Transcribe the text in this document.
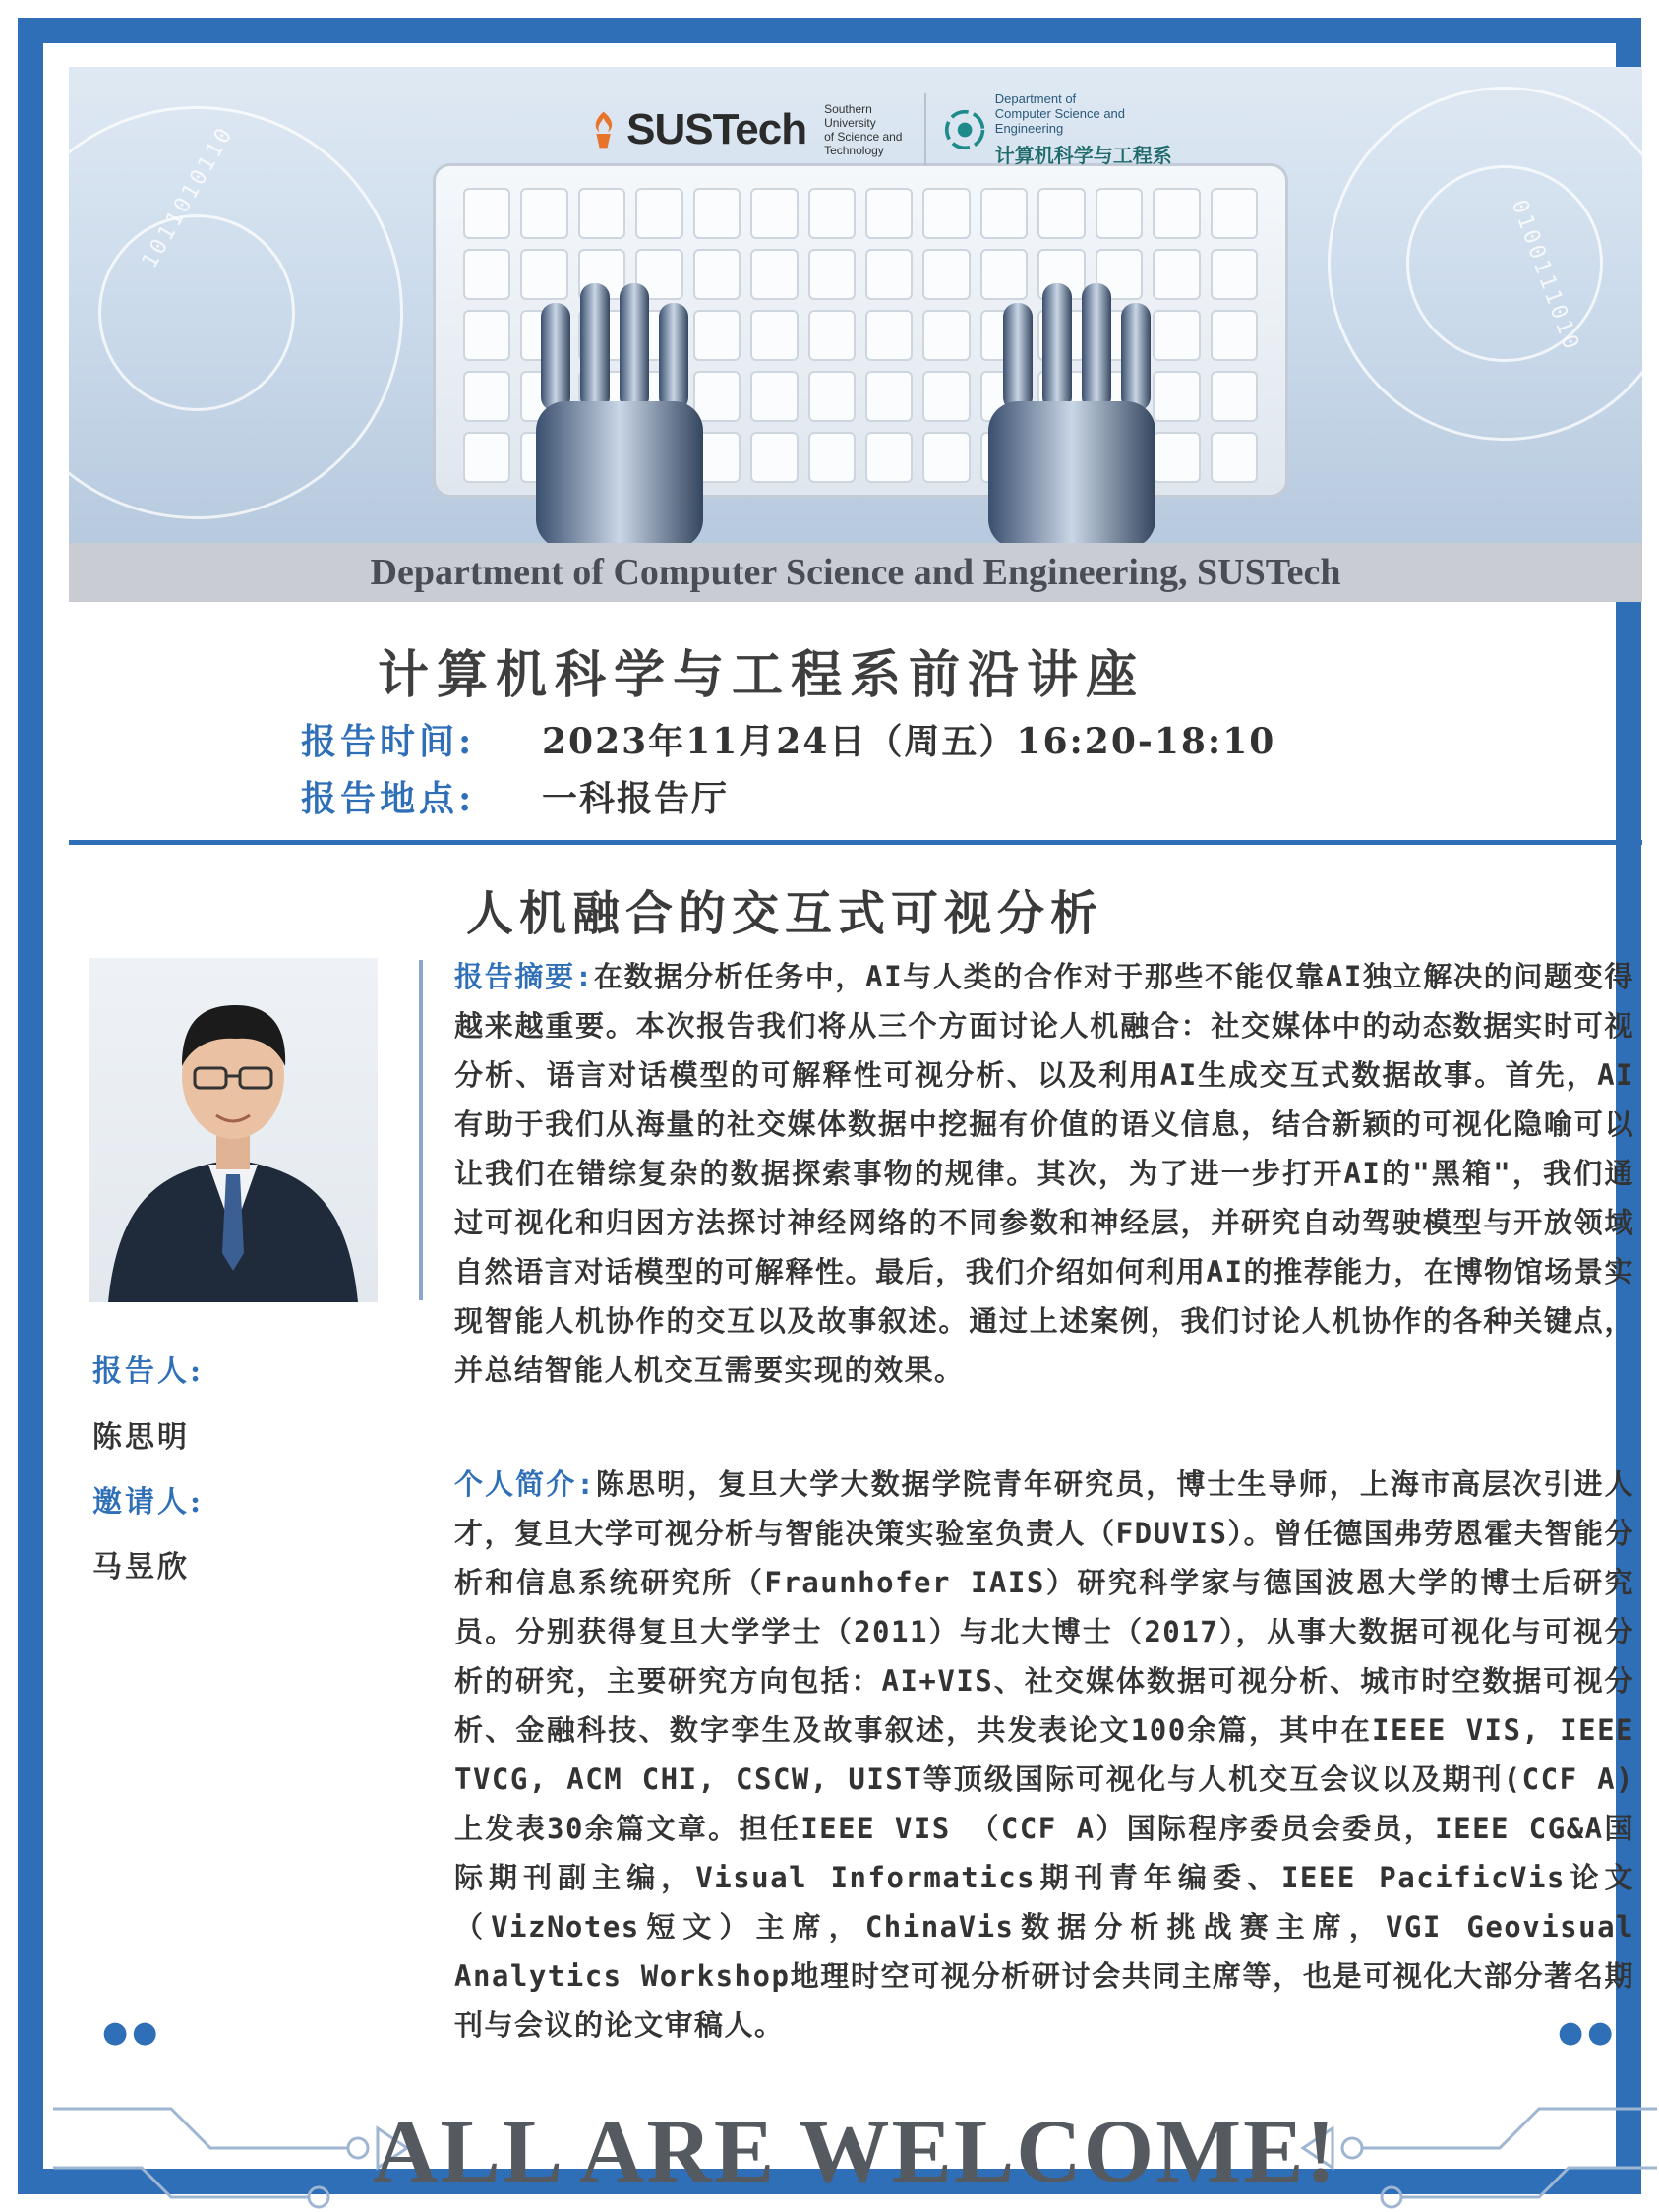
1011010110	0100111010
SUSTech Southern University
of Science and
Technology
Department of
Computer Science and Engineering
计算机科学与工程系
Department of Computer Science and Engineering, SUSTech
计算机科学与工程系前沿讲座
报告时间: 2023年11月24日（周五）16:20-18:10
报告地点: 一科报告厅
人机融合的交互式可视分析
报告摘要:在数据分析任务中，AI与人类的合作对于那些不能仅靠AI独立解决的问题变得越来越重要。本次报告我们将从三个方面讨论人机融合：社交媒体中的动态数据实时可视分析、语言对话模型的可解释性可视分析、以及利用AI生成交互式数据故事。首先，AI有助于我们从海量的社交媒体数据中挖掘有价值的语义信息，结合新颖的可视化隐喻可以让我们在错综复杂的数据探索事物的规律。其次，为了进一步打开AI的"黑箱"，我们通过可视化和归因方法探讨神经网络的不同参数和神经层，并研究自动驾驶模型与开放领域自然语言对话模型的可解释性。最后，我们介绍如何利用AI的推荐能力，在博物馆场景实现智能人机协作的交互以及故事叙述。通过上述案例，我们讨论人机协作的各种关键点，并总结智能人机交互需要实现的效果。
报告人:
陈思明
邀请人:
马昱欣
个人简介:陈思明，复旦大学大数据学院青年研究员，博士生导师，上海市高层次引进人才，复旦大学可视分析与智能决策实验室负责人（FDUVIS）。曾任德国弗劳恩霍夫智能分析和信息系统研究所（Fraunhofer IAIS）研究科学家与德国波恩大学的博士后研究员。分别获得复旦大学学士（2011）与北大博士（2017），从事大数据可视化与可视分析的研究，主要研究方向包括：AI+VIS、社交媒体数据可视分析、城市时空数据可视分析、金融科技、数字孪生及故事叙述，共发表论文100余篇，其中在IEEE VIS, IEEE TVCG, ACM CHI, CSCW, UIST等顶级国际可视化与人机交互会议以及期刊(CCF A)上发表30余篇文章。担任IEEE VIS （CCF A）国际程序委员会委员，IEEE CG&A国际期刊副主编，Visual Informatics期刊青年编委、IEEE PacificVis论文（VizNotes短文）主席，ChinaVis数据分析挑战赛主席，VGI Geovisual Analytics Workshop地理时空可视分析研讨会共同主席等，也是可视化大部分著名期刊与会议的论文审稿人。
●●	●●
ALL ARE WELCOME!
